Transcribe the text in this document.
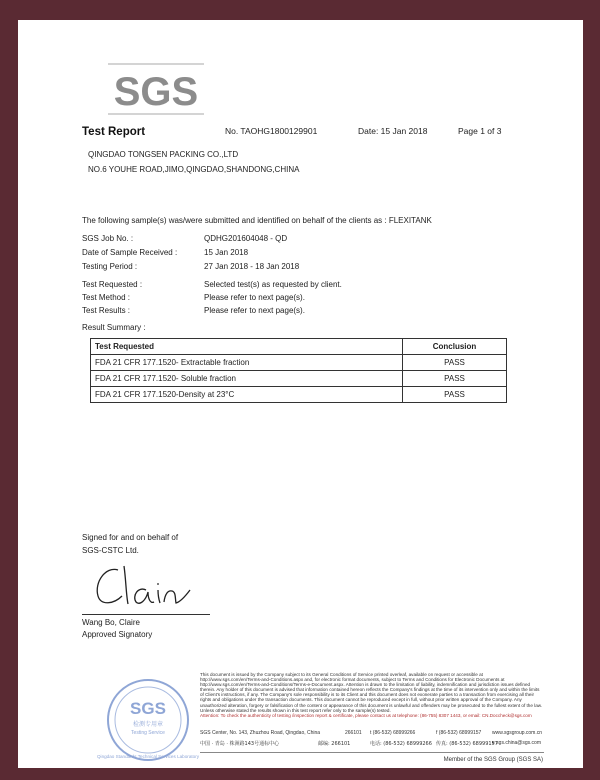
SGS
Test Report	No. TAOHG1800129901	Date: 15 Jan 2018	Page 1 of 3
QINGDAO TONGSEN PACKING CO.,LTD
NO.6 YOUHE ROAD,JIMO,QINGDAO,SHANDONG,CHINA
The following sample(s) was/were submitted and identified on behalf of the clients as : FLEXITANK
SGS Job No. :	QDHG201604048 - QD
Date of Sample Received :	15 Jan 2018
Testing Period :	27 Jan 2018 - 18 Jan 2018
Test Requested :	Selected test(s) as requested by client.
Test Method :	Please refer to next page(s).
Test Results :	Please refer to next page(s).
Result Summary :
Test Requested	Conclusion
FDA 21 CFR 177.1520- Extractable fraction	PASS
FDA 21 CFR 177.1520- Soluble fraction	PASS
FDA 21 CFR 177.1520-Density at 23°C	PASS
Signed for and on behalf of
SGS-CSTC Ltd.
Wang Bo, Claire
Approved Signatory
SGS
检测专用章
Testing Service
Qingdao Standards Technical Services Laboratory
This document is issued by the Company subject to its General Conditions of Service printed overleaf, available on request or accessible at http://www.sgs.com/en/Terms-and-Conditions.aspx and, for electronic format documents, subject to Terms and Conditions for Electronic Documents at http://www.sgs.com/en/Terms-and-Conditions/Terms-e-Document.aspx. Attention is drawn to the limitation of liability, indemnification and jurisdiction issues defined therein. Any holder of this document is advised that information contained hereon reflects the Company's findings at the time of its intervention only and within the limits of Client's instructions, if any. The Company's sole responsibility is to its Client and this document does not exonerate parties to a transaction from exercising all their rights and obligations under the transaction documents. This document cannot be reproduced except in full, without prior written approval of the Company. Any unauthorized alteration, forgery or falsification of the content or appearance of this document is unlawful and offenders may be prosecuted to the fullest extent of the law. Unless otherwise stated the results shown in this test report refer only to the sample(s) tested.
Attention: To check the authenticity of testing /inspection report & certificate, please contact us at telephone: (86-755) 8307 1443, or email: CN.Doccheck@sgs.com
SGS Center, No. 143, Zhuzhou Road, Qingdao, China	266101 t (86-532) 68999266	f (86-532) 68999157 www.sgsgroup.com.cn
中国 · 青岛 · 株洲路143号通标中心	邮编: 266101	电话: (86-532) 68999266 传真: (86-532) 68999157
e sgs.china@sgs.com
Member of the SGS Group (SGS SA)
